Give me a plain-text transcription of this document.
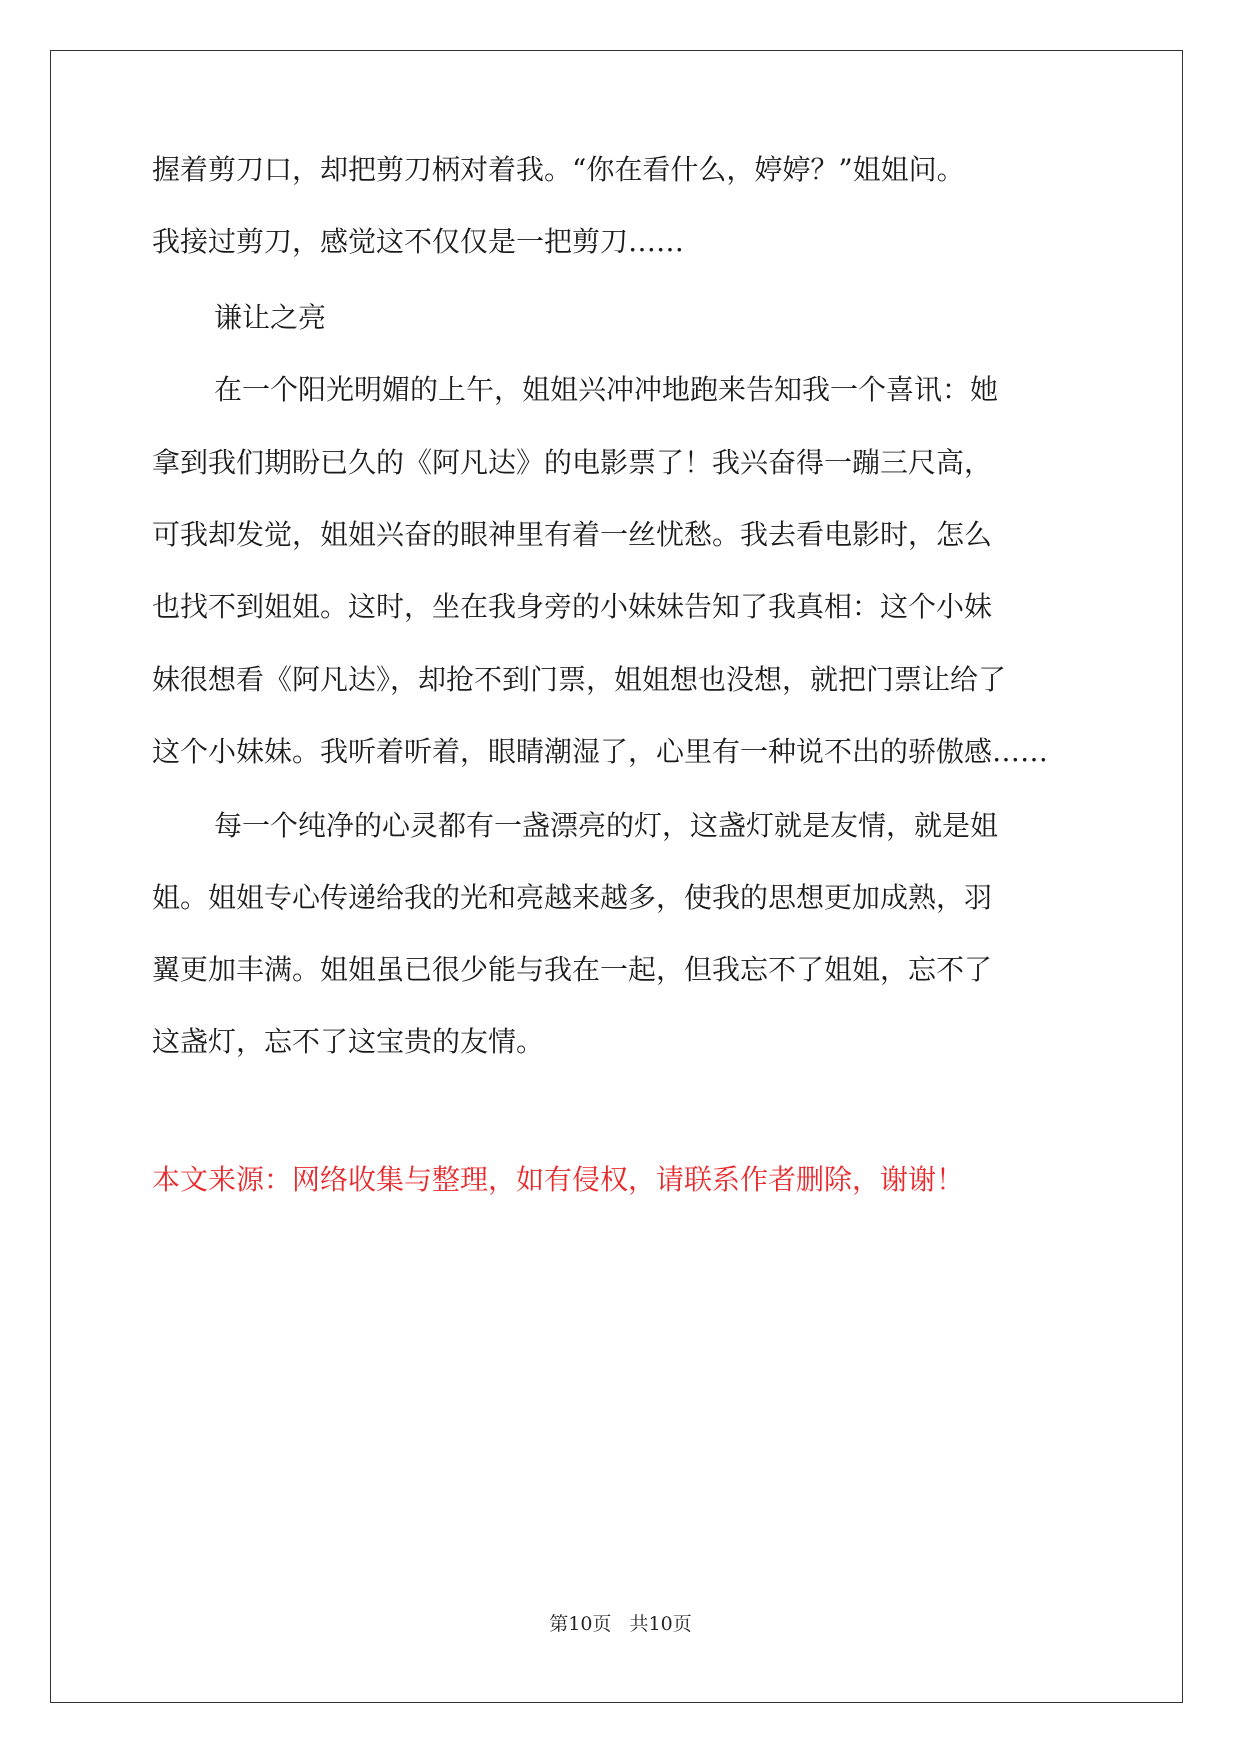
握着剪刀口，却把剪刀柄对着我。“你在看什么，婷婷？”姐姐问。
我接过剪刀，感觉这不仅仅是一把剪刀……
谦让之亮
在一个阳光明媚的上午，姐姐兴冲冲地跑来告知我一个喜讯：她
拿到我们期盼已久的《阿凡达》的电影票了！我兴奋得一蹦三尺高，
可我却发觉，姐姐兴奋的眼神里有着一丝忧愁。我去看电影时，怎么
也找不到姐姐。这时，坐在我身旁的小妹妹告知了我真相：这个小妹
妹很想看《阿凡达》，却抢不到门票，姐姐想也没想，就把门票让给了
这个小妹妹。我听着听着，眼睛潮湿了，心里有一种说不出的骄傲感……
每一个纯净的心灵都有一盏漂亮的灯，这盏灯就是友情，就是姐
姐。姐姐专心传递给我的光和亮越来越多，使我的思想更加成熟，羽
翼更加丰满。姐姐虽已很少能与我在一起，但我忘不了姐姐，忘不了
这盏灯，忘不了这宝贵的友情。
本文来源：网络收集与整理，如有侵权，请联系作者删除，谢谢！
第10页   共10页
